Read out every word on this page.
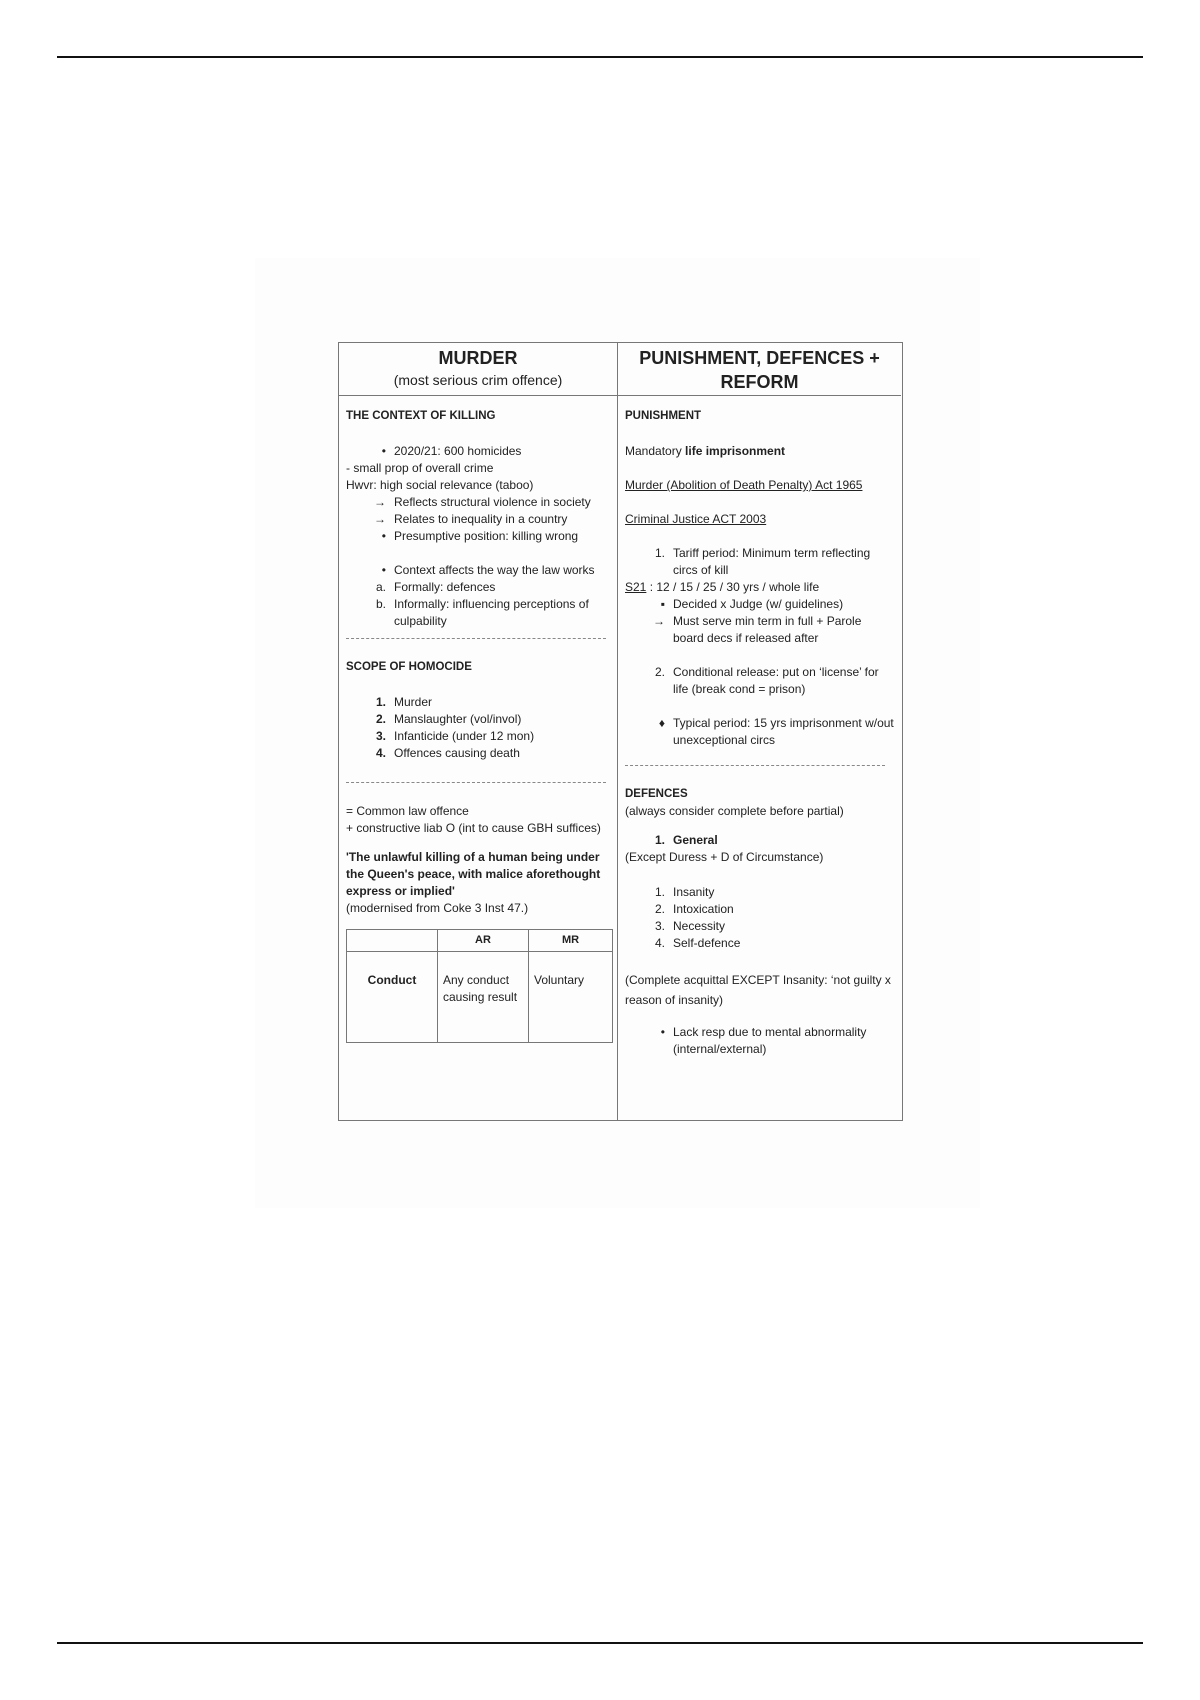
MURDER
(most serious crim offence)
PUNISHMENT, DEFENCES +
REFORM
THE CONTEXT OF KILLING
• 2020/21: 600 homicides
- small prop of overall crime
Hwvr: high social relevance (taboo)
→ Reflects structural violence in society
→ Relates to inequality in a country
• Presumptive position: killing wrong
• Context affects the way the law works
a. Formally: defences
b. Informally: influencing perceptions of culpability
SCOPE OF HOMOCIDE
1. Murder
2. Manslaughter (vol/invol)
3. Infanticide (under 12 mon)
4. Offences causing death
= Common law offence
+ constructive liab O (int to cause GBH suffices)
'The unlawful killing of a human being under the Queen's peace, with malice aforethought express or implied'
(modernised from Coke 3 Inst 47.)
	AR	MR
Conduct	Any conduct causing result	Voluntary
PUNISHMENT
Mandatory life imprisonment
Murder (Abolition of Death Penalty) Act 1965
Criminal Justice ACT 2003
1. Tariff period: Minimum term reflecting circs of kill
S21 : 12 / 15 / 25 / 30 yrs / whole life
▪ Decided x Judge (w/ guidelines)
→ Must serve min term in full + Parole board decs if released after
2. Conditional release: put on ‘license’ for life (break cond = prison)
♦ Typical period: 15 yrs imprisonment w/out unexceptional circs
DEFENCES
(always consider complete before partial)
1. General
(Except Duress + D of Circumstance)
1. Insanity
2. Intoxication
3. Necessity
4. Self-defence
(Complete acquittal EXCEPT Insanity: ‘not guilty x reason of insanity)
• Lack resp due to mental abnormality (internal/external)
